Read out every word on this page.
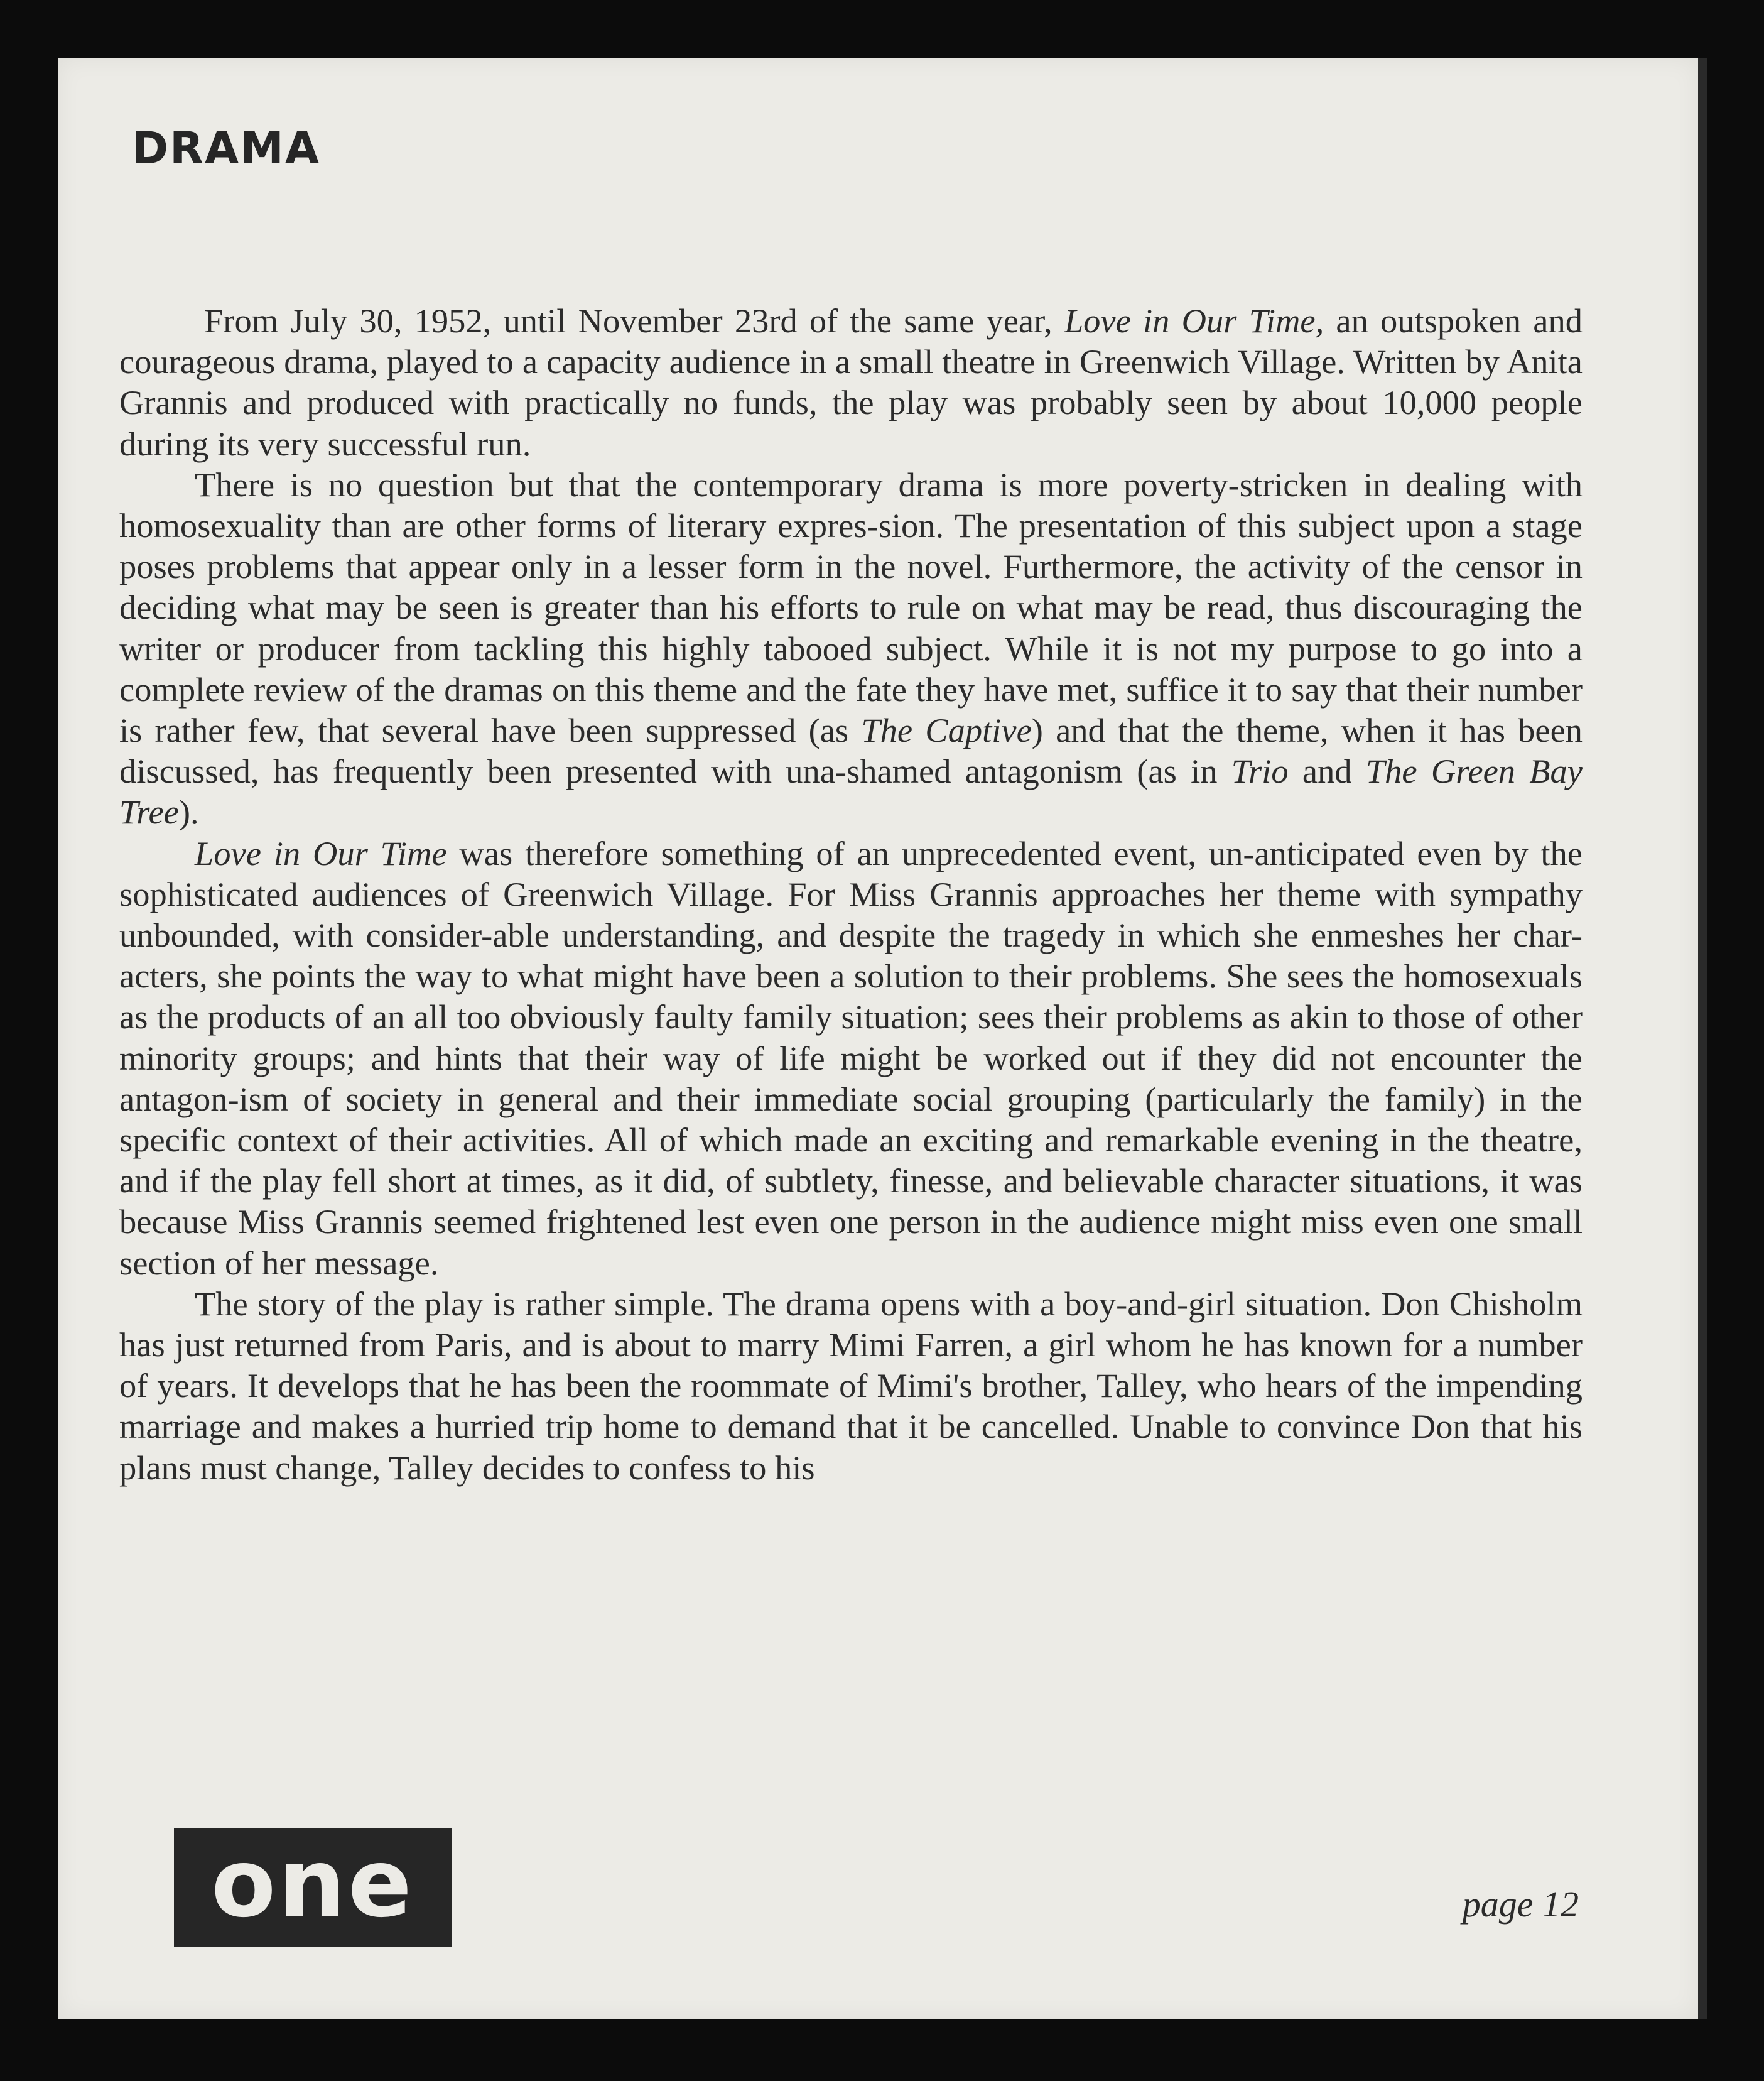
DRAMA

From July 30, 1952, until November 23rd of the same year, Love in Our Time, an outspoken and courageous drama, played to a capacity audience in a small theatre in Greenwich Village. Written by Anita Grannis and produced with practically no funds, the play was probably seen by about 10,000 people during its very successful run.

There is no question but that the contemporary drama is more poverty-stricken in dealing with homosexuality than are other forms of literary expres-sion. The presentation of this subject upon a stage poses problems that appear only in a lesser form in the novel. Furthermore, the activity of the censor in deciding what may be seen is greater than his efforts to rule on what may be read, thus discouraging the writer or producer from tackling this highly tabooed subject. While it is not my purpose to go into a complete review of the dramas on this theme and the fate they have met, suffice it to say that their number is rather few, that several have been suppressed (as The Captive) and that the theme, when it has been discussed, has frequently been presented with una-shamed antagonism (as in Trio and The Green Bay Tree).

Love in Our Time was therefore something of an unprecedented event, un-anticipated even by the sophisticated audiences of Greenwich Village. For Miss Grannis approaches her theme with sympathy unbounded, with consider-able understanding, and despite the tragedy in which she enmeshes her char-acters, she points the way to what might have been a solution to their problems. She sees the homosexuals as the products of an all too obviously faulty family situation; sees their problems as akin to those of other minority groups; and hints that their way of life might be worked out if they did not encounter the antagon-ism of society in general and their immediate social grouping (particularly the family) in the specific context of their activities. All of which made an exciting and remarkable evening in the theatre, and if the play fell short at times, as it did, of subtlety, finesse, and believable character situations, it was because Miss Grannis seemed frightened lest even one person in the audience might miss even one small section of her message.

The story of the play is rather simple. The drama opens with a boy-and-girl situation. Don Chisholm has just returned from Paris, and is about to marry Mimi Farren, a girl whom he has known for a number of years. It develops that he has been the roommate of Mimi's brother, Talley, who hears of the impending marriage and makes a hurried trip home to demand that it be cancelled. Unable to convince Don that his plans must change, Talley decides to confess to his

one	page 12
